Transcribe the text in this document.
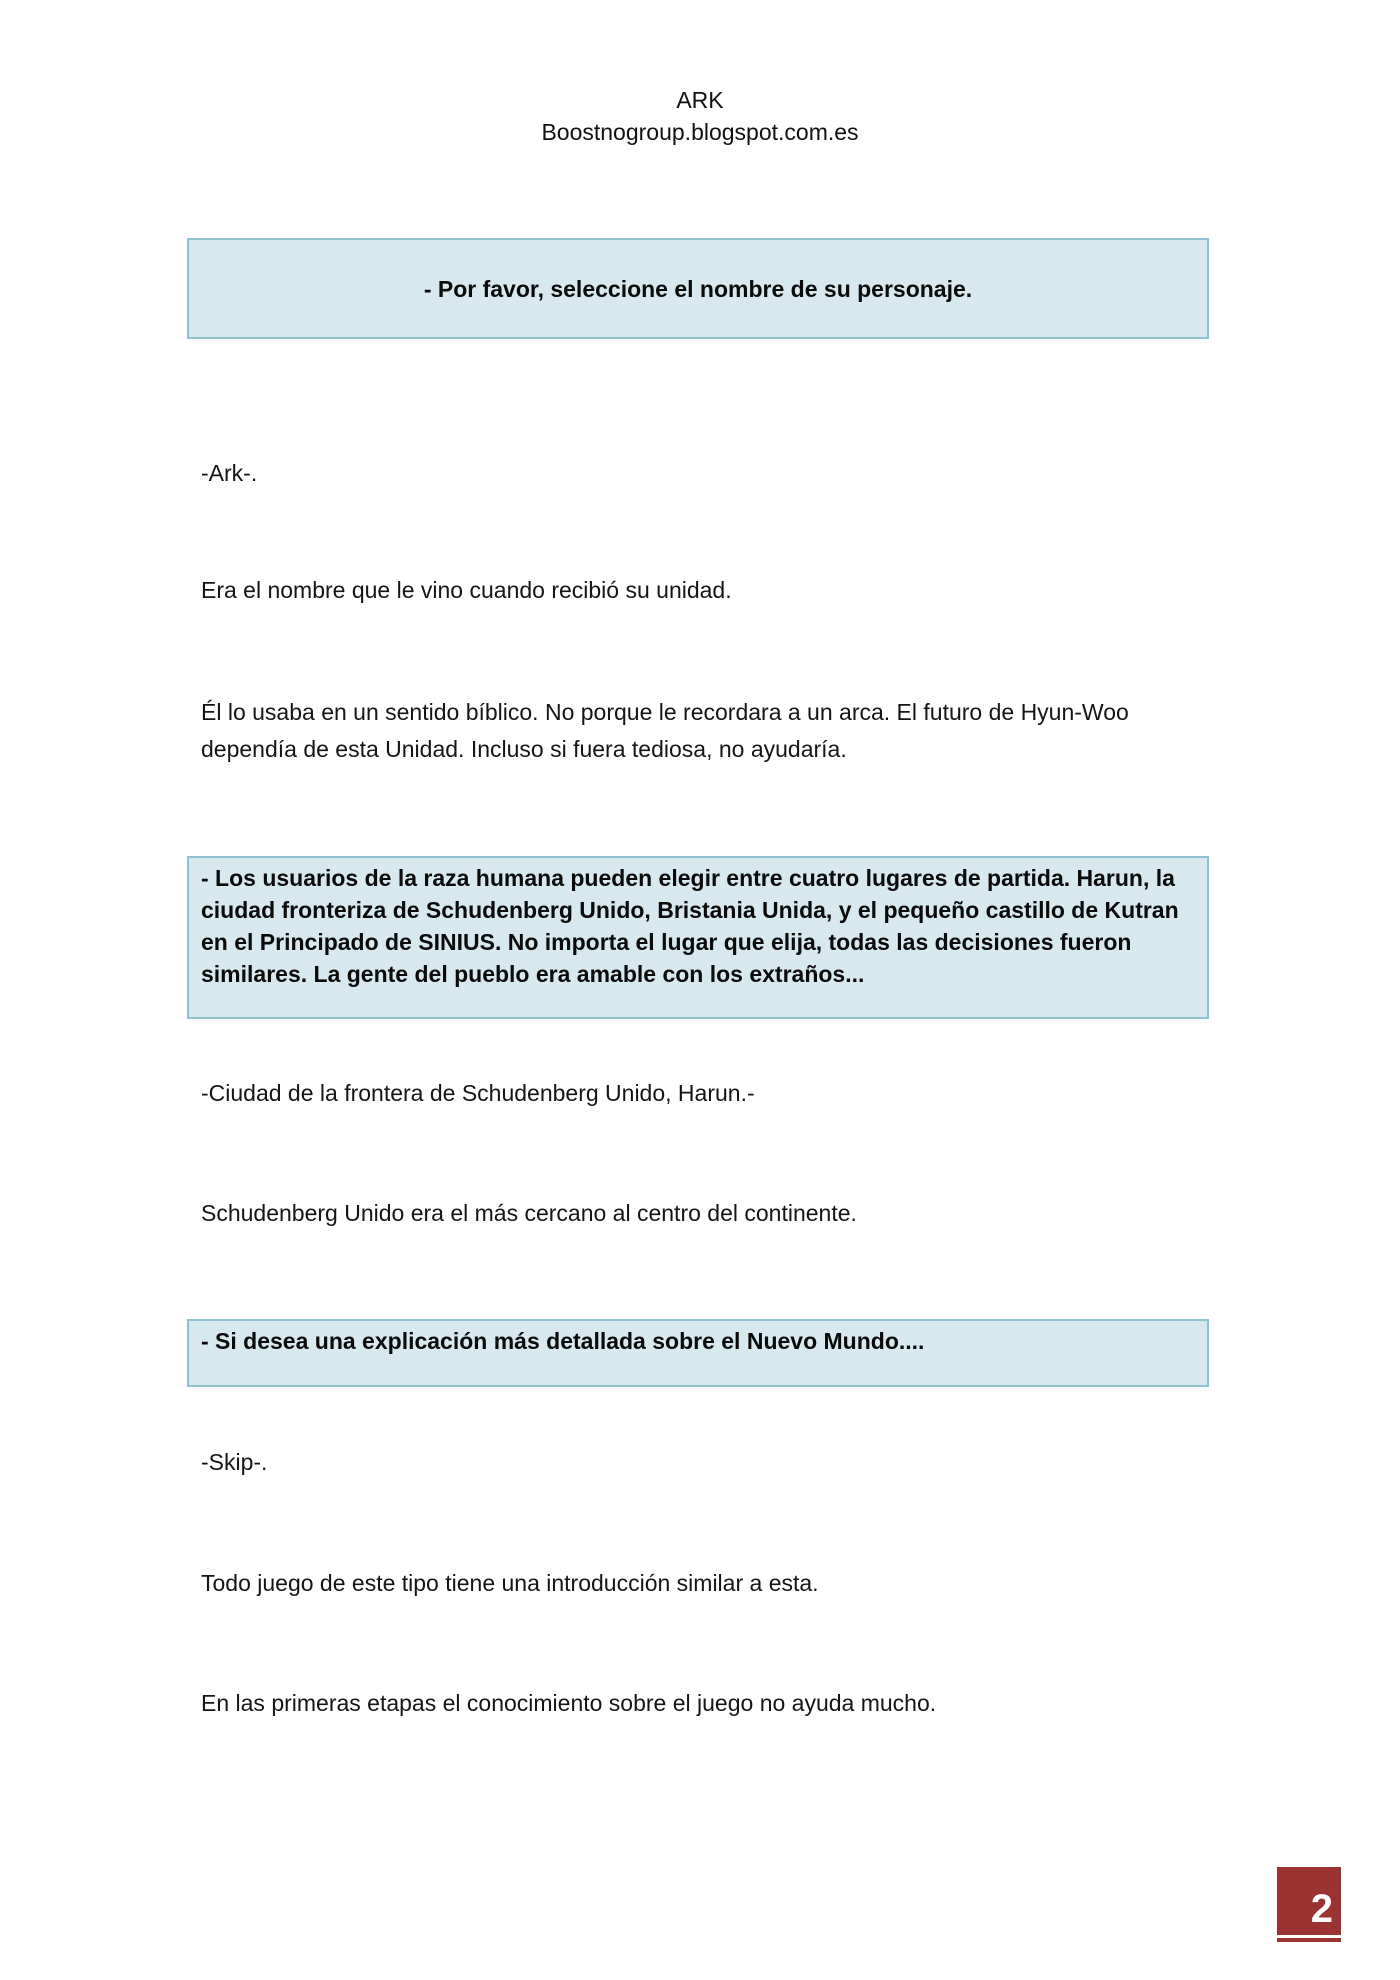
ARK
Boostnogroup.blogspot.com.es
- Por favor, seleccione el nombre de su personaje.
-Ark-.
Era el nombre que le vino cuando recibió su unidad.
Él lo usaba en un sentido bíblico. No porque le recordara a un arca. El futuro de Hyun-Woo dependía de esta Unidad. Incluso si fuera tediosa, no ayudaría.
- Los usuarios de la raza humana pueden elegir entre cuatro lugares de partida. Harun, la ciudad fronteriza de Schudenberg Unido, Bristania Unida, y el pequeño castillo de Kutran en el Principado de SINIUS. No importa el lugar que elija, todas las decisiones fueron similares. La gente del pueblo era amable con los extraños...
-Ciudad de la frontera de Schudenberg Unido, Harun.-
Schudenberg Unido era el más cercano al centro del continente.
- Si desea una explicación más detallada sobre el Nuevo Mundo....
-Skip-.
Todo juego de este tipo tiene una introducción similar a esta.
En las primeras etapas el conocimiento sobre el juego no ayuda mucho.
2
